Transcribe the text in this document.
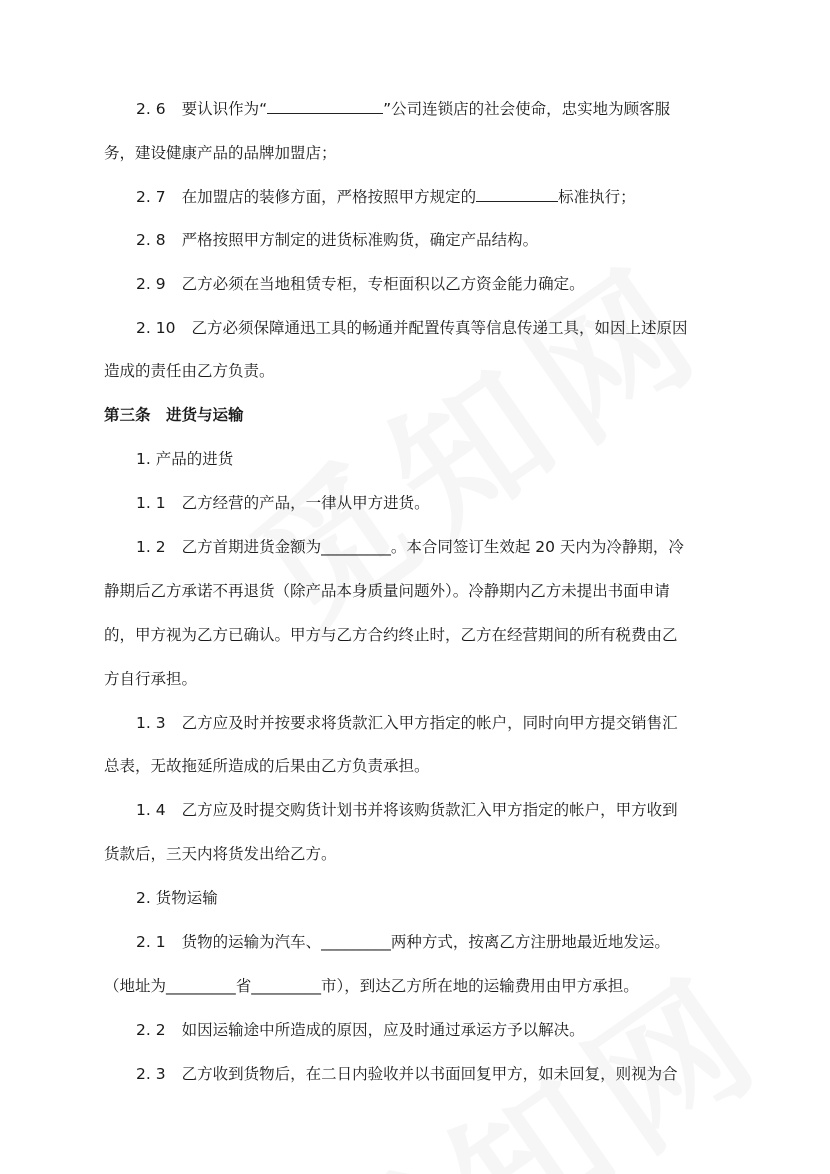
2. 6 要认识作为“	”公司连锁店的社会使命，忠实地为顾客服
务，建设健康产品的品牌加盟店；
2. 7 在加盟店的装修方面，严格按照甲方规定的	标准执行；
2. 8 严格按照甲方制定的进货标准购货，确定产品结构。
2. 9 乙方必须在当地租赁专柜，专柜面积以乙方资金能力确定。
2. 10 乙方必须保障通迅工具的畅通并配置传真等信息传递工具，如因上述原因
造成的责任由乙方负责。
第三条　进货与运输
1. 产品的进货
1. 1 乙方经营的产品，一律从甲方进货。
1. 2 乙方首期进货金额为_________。本合同签订生效起 20 天内为冷静期，冷
静期后乙方承诺不再退货（除产品本身质量问题外）。冷静期内乙方未提出书面申请
的，甲方视为乙方已确认。甲方与乙方合约终止时，乙方在经营期间的所有税费由乙
方自行承担。
1. 3 乙方应及时并按要求将货款汇入甲方指定的帐户，同时向甲方提交销售汇
总表，无故拖延所造成的后果由乙方负责承担。
1. 4 乙方应及时提交购货计划书并将该购货款汇入甲方指定的帐户，甲方收到
货款后，三天内将货发出给乙方。
2. 货物运输
2. 1 货物的运输为汽车、_________两种方式，按离乙方注册地最近地发运。
（地址为_________省_________市），到达乙方所在地的运输费用由甲方承担。
2. 2 如因运输途中所造成的原因，应及时通过承运方予以解决。
2. 3 乙方收到货物后，在二日内验收并以书面回复甲方，如未回复，则视为合
